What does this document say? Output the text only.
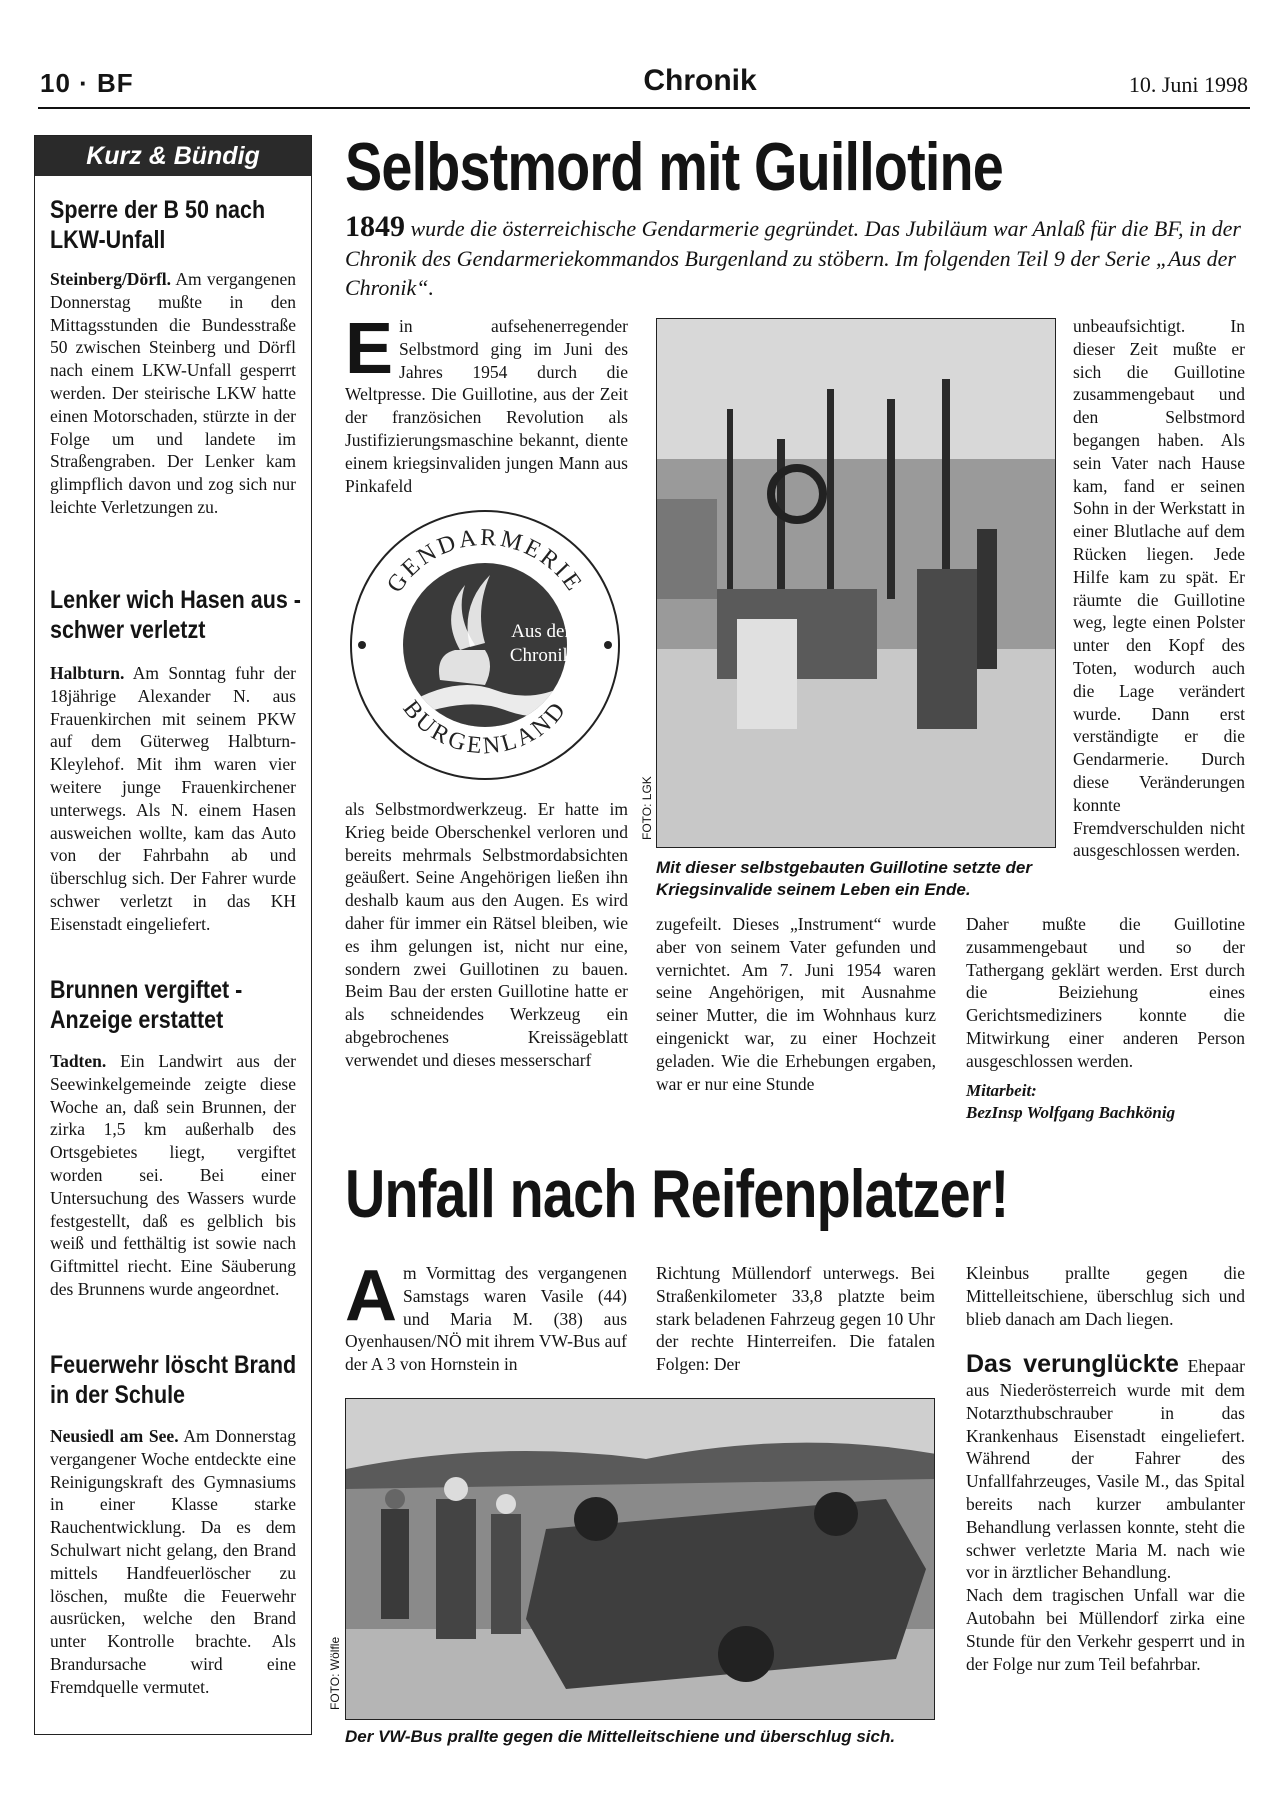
10 · BF	Chronik	10. Juni 1998
Kurz & Bündig
Sperre der B 50 nach LKW-Unfall
Steinberg/Dörfl. Am vergangenen Donnerstag mußte in den Mittagsstunden die Bundesstraße 50 zwischen Steinberg und Dörfl nach einem LKW-Unfall gesperrt werden. Der steirische LKW hatte einen Motorschaden, stürzte in der Folge um und landete im Straßengraben. Der Lenker kam glimpflich davon und zog sich nur leichte Verletzungen zu.
Lenker wich Hasen aus - schwer verletzt
Halbturn. Am Sonntag fuhr der 18jährige Alexander N. aus Frauenkirchen mit seinem PKW auf dem Güterweg Halbturn-Kleylehof. Mit ihm waren vier weitere junge Frauenkirchener unterwegs. Als N. einem Hasen ausweichen wollte, kam das Auto von der Fahrbahn ab und überschlug sich. Der Fahrer wurde schwer verletzt in das KH Eisenstadt eingeliefert.
Brunnen vergiftet - Anzeige erstattet
Tadten. Ein Landwirt aus der Seewinkelgemeinde zeigte diese Woche an, daß sein Brunnen, der zirka 1,5 km außerhalb des Ortsgebietes liegt, vergiftet worden sei. Bei einer Untersuchung des Wassers wurde festgestellt, daß es gelblich bis weiß und fetthältig ist sowie nach Giftmittel riecht. Eine Säuberung des Brunnens wurde angeordnet.
Feuerwehr löscht Brand in der Schule
Neusiedl am See. Am Donnerstag vergangener Woche entdeckte eine Reinigungskraft des Gymnasiums in einer Klasse starke Rauchentwicklung. Da es dem Schulwart nicht gelang, den Brand mittels Handfeuerlöscher zu löschen, mußte die Feuerwehr ausrücken, welche den Brand unter Kontrolle brachte. Als Brandursache wird eine Fremdquelle vermutet.
Selbstmord mit Guillotine
1849 wurde die österreichische Gendarmerie gegründet. Das Jubiläum war Anlaß für die BF, in der Chronik des Gendarmeriekommandos Burgenland zu stöbern. Im folgenden Teil 9 der Serie „Aus der Chronik“.
Ein aufsehenerregender Selbstmord ging im Juni des Jahres 1954 durch die Weltpresse. Die Guillotine, aus der Zeit der französichen Revolution als Justifizierungsmaschine bekannt, diente einem kriegsinvaliden jungen Mann aus Pinkafeld
GENDARMERIE
BURGENLAND
Aus der Chronik
als Selbstmordwerkzeug. Er hatte im Krieg beide Oberschenkel verloren und bereits mehrmals Selbstmordabsichten geäußert. Seine Angehörigen ließen ihn deshalb kaum aus den Augen. Es wird daher für immer ein Rätsel bleiben, wie es ihm gelungen ist, nicht nur eine, sondern zwei Guillotinen zu bauen. Beim Bau der ersten Guillotine hatte er als schneidendes Werkzeug ein abgebrochenes Kreissägeblatt verwendet und dieses messerscharf
FOTO: LGK
Mit dieser selbstgebauten Guillotine setzte der Kriegsinvalide seinem Leben ein Ende.
zugefeilt. Dieses „Instrument“ wurde aber von seinem Vater gefunden und vernichtet. Am 7. Juni 1954 waren seine Angehörigen, mit Ausnahme seiner Mutter, die im Wohnhaus kurz eingenickt war, zu einer Hochzeit geladen. Wie die Erhebungen ergaben, war er nur eine Stunde
unbeaufsichtigt. In dieser Zeit mußte er sich die Guillotine zusammengebaut und den Selbstmord begangen haben. Als sein Vater nach Hause kam, fand er seinen Sohn in der Werkstatt in einer Blutlache auf dem Rücken liegen. Jede Hilfe kam zu spät. Er räumte die Guillotine weg, legte einen Polster unter den Kopf des Toten, wodurch auch die Lage verändert wurde. Dann erst verständigte er die Gendarmerie. Durch diese Veränderungen konnte Fremdverschulden nicht ausgeschlossen werden.
Daher mußte die Guillotine zusammengebaut und so der Tathergang geklärt werden. Erst durch die Beiziehung eines Gerichtsmediziners konnte die Mitwirkung einer anderen Person ausgeschlossen werden.
Mitarbeit:
BezInsp Wolfgang Bachkönig
Unfall nach Reifenplatzer!
Am Vormittag des vergangenen Samstags waren Vasile (44) und Maria M. (38) aus Oyenhausen/NÖ mit ihrem VW-Bus auf der A 3 von Hornstein in
Richtung Müllendorf unterwegs. Bei Straßenkilometer 33,8 platzte beim stark beladenen Fahrzeug gegen 10 Uhr der rechte Hinterreifen. Die fatalen Folgen: Der
Kleinbus prallte gegen die Mittelleitschiene, überschlug sich und blieb danach am Dach liegen.
Das verunglückte Ehepaar aus Niederösterreich wurde mit dem Notarzthubschrauber in das Krankenhaus Eisenstadt eingeliefert. Während der Fahrer des Unfallfahrzeuges, Vasile M., das Spital bereits nach kurzer ambulanter Behandlung verlassen konnte, steht die schwer verletzte Maria M. nach wie vor in ärztlicher Behandlung.
Nach dem tragischen Unfall war die Autobahn bei Müllendorf zirka eine Stunde für den Verkehr gesperrt und in der Folge nur zum Teil befahrbar.
FOTO: Wölfle
Der VW-Bus prallte gegen die Mittelleitschiene und überschlug sich.
